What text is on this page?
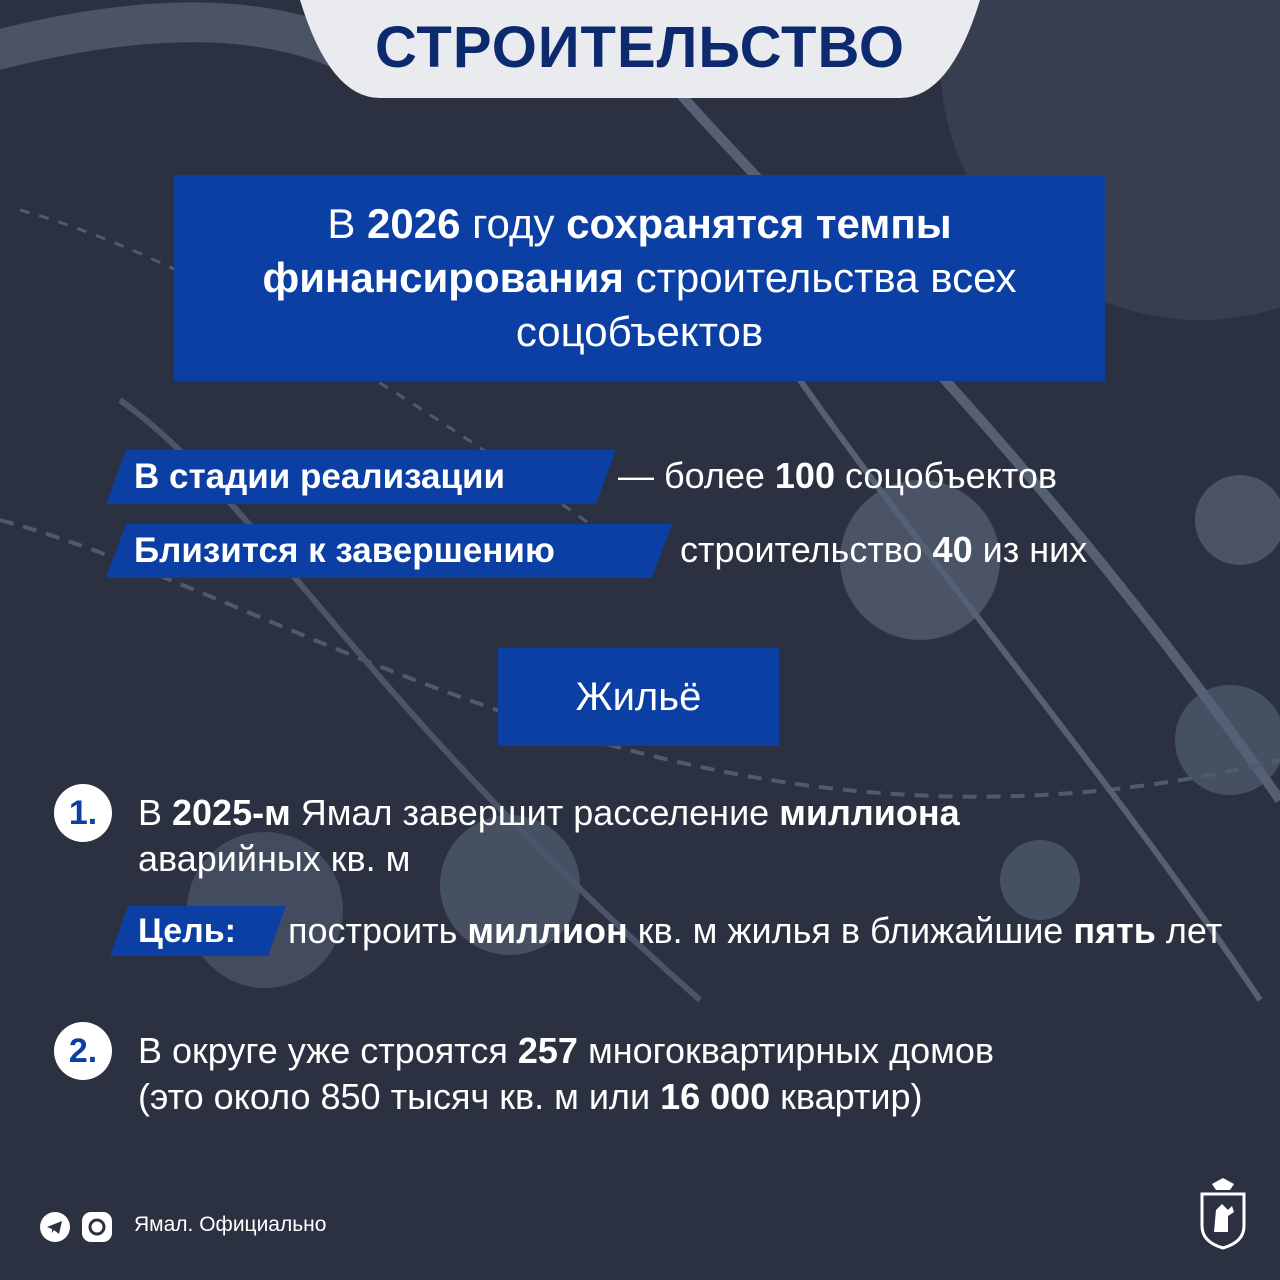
СТРОИТЕЛЬСТВО
В 2026 году сохранятся темпы финансирования строительства всех соцобъектов
В стадии реализации	— более 100 соцобъектов
Близится к завершению	строительство 40 из них
Жильё
1.	В 2025-м Ямал завершит расселение миллиона аварийных кв. м
Цель:	построить миллион кв. м жилья в ближайшие пять лет
2.	В округе уже строятся 257 многоквартирных домов (это около 850 тысяч кв. м или 16 000 квартир)
Ямал. Официально
